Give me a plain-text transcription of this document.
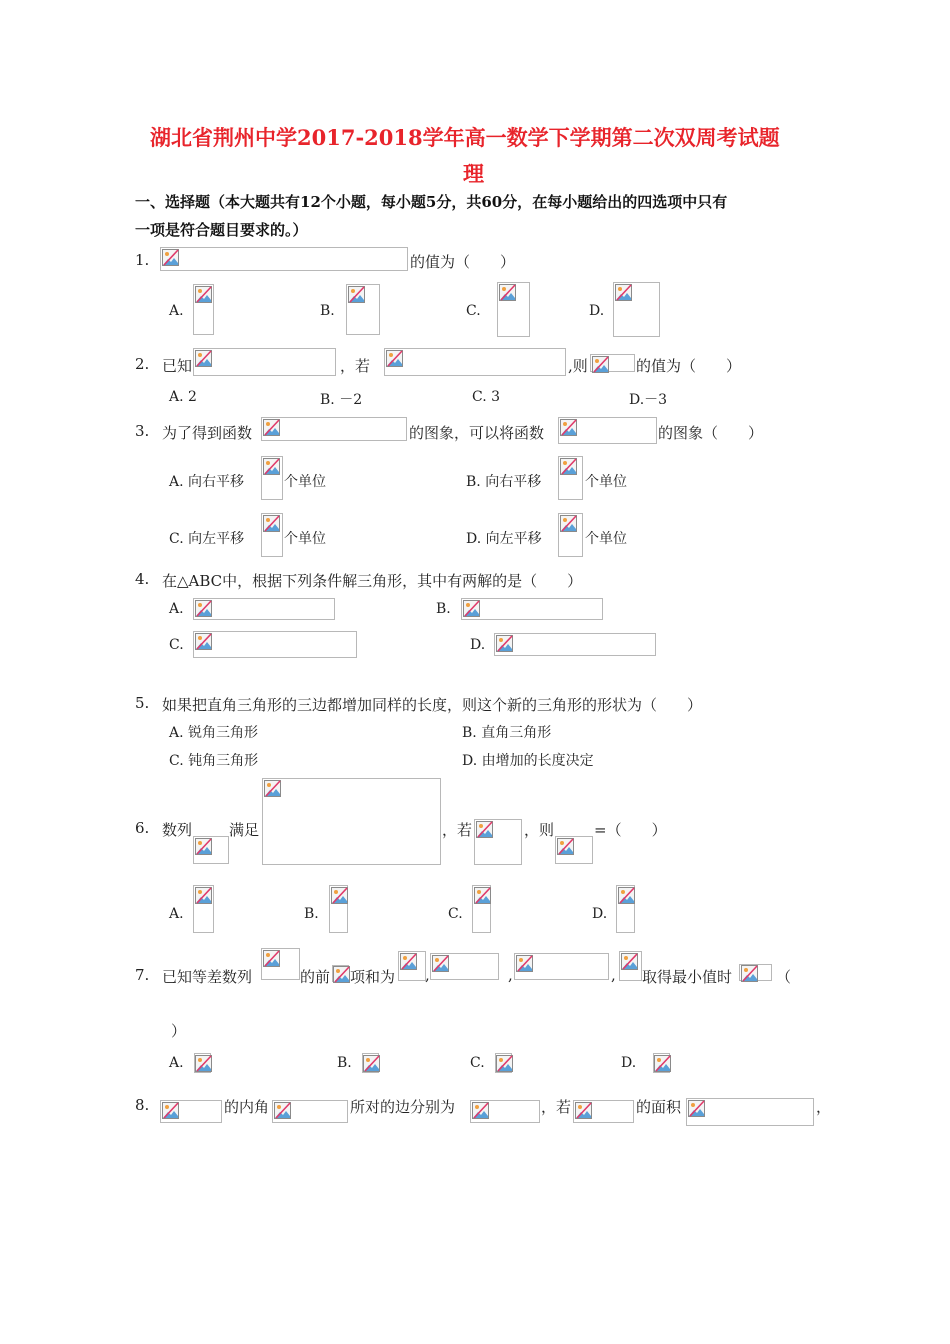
湖北省荆州中学2017-2018学年高一数学下学期第二次双周考试题
理
一、选择题（本大题共有12个小题，每小题5分，共60分，在每小题给出的四选项中只有
一项是符合题目要求的。）
1.	的值为（　　）
A.	B.	C.	D.
2. 已知	，若	,则	的值为（　　）
A. 2	B. －2	C. 3	D.－3
3. 为了得到函数	的图象，可以将函数	的图象（　　）
A. 向右平移	个单位	B. 向右平移	个单位
C. 向左平移	个单位	D. 向左平移	个单位
4. 在△ABC中，根据下列条件解三角形，其中有两解的是（　　）
A.	B.
C.	D.
5. 如果把直角三角形的三边都增加同样的长度，则这个新的三角形的形状为（　　）
A. 锐角三角形	B. 直角三角形
C. 钝角三角形	D. 由增加的长度决定
6. 数列 满足	，若	，则	=（　　）
A.	B.	C.	D.
7. 已知等差数列	的前 项和为 ,	,	, 取得最小值时	（
）
A.	B.	C.	D.
8.	的内角	所对的边分别为	，若	的面积	，
